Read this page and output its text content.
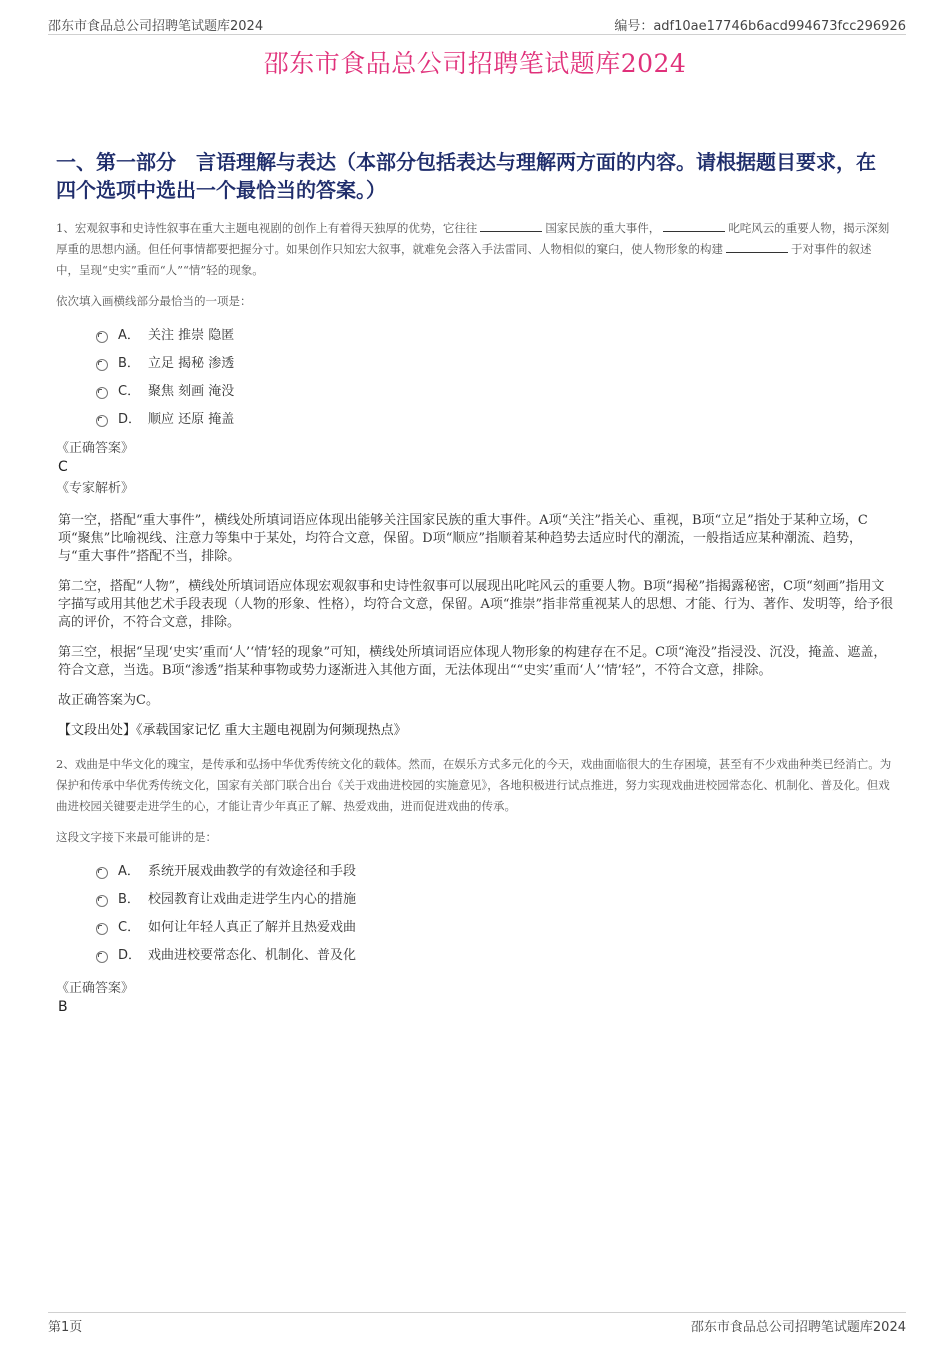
邵东市食品总公司招聘笔试题库2024	编号：adf10ae17746b6acd994673fcc296926
邵东市食品总公司招聘笔试题库2024
一、第一部分　言语理解与表达（本部分包括表达与理解两方面的内容。请根据题目要求，在四个选项中选出一个最恰当的答案。）

1、宏观叙事和史诗性叙事在重大主题电视剧的创作上有着得天独厚的优势，它往往	国家民族的重大事件，	叱咤风云的重要人物，揭示深刻厚重的思想内涵。但任何事情都要把握分寸。如果创作只知宏大叙事，就难免会落入手法雷同、人物相似的窠臼，使人物形象的构建	于对事件的叙述中，呈现“史实”重而“人”“情”轻的现象。

依次填入画横线部分最恰当的一项是：

A． 关注 推崇 隐匿
B． 立足 揭秘 渗透
C． 聚焦 刻画 淹没
D． 顺应 还原 掩盖

《正确答案》

C

《专家解析》

第一空，搭配“重大事件”，横线处所填词语应体现出能够关注国家民族的重大事件。A项“关注”指关心、重视，B项“立足”指处于某种立场，C项“聚焦”比喻视线、注意力等集中于某处，均符合文意，保留。D项“顺应”指顺着某种趋势去适应时代的潮流，一般指适应某种潮流、趋势，与“重大事件”搭配不当，排除。

第二空，搭配“人物”，横线处所填词语应体现宏观叙事和史诗性叙事可以展现出叱咤风云的重要人物。B项“揭秘”指揭露秘密，C项“刻画”指用文字描写或用其他艺术手段表现（人物的形象、性格），均符合文意，保留。A项“推崇”指非常重视某人的思想、才能、行为、著作、发明等，给予很高的评价，不符合文意，排除。

第三空，根据“呈现‘史实’重而‘人’‘情’轻的现象”可知，横线处所填词语应体现人物形象的构建存在不足。C项“淹没”指浸没、沉没，掩盖、遮盖，符合文意，当选。B项“渗透”指某种事物或势力逐渐进入其他方面，无法体现出““史实’重而‘人’‘情’轻”，不符合文意，排除。

故正确答案为C。

【文段出处】《承载国家记忆 重大主题电视剧为何频现热点》

2、戏曲是中华文化的瑰宝，是传承和弘扬中华优秀传统文化的载体。然而，在娱乐方式多元化的今天，戏曲面临很大的生存困境，甚至有不少戏曲种类已经消亡。为保护和传承中华优秀传统文化，国家有关部门联合出台《关于戏曲进校园的实施意见》，各地积极进行试点推进，努力实现戏曲进校园常态化、机制化、普及化。但戏曲进校园关键要走进学生的心，才能让青少年真正了解、热爱戏曲，进而促进戏曲的传承。

这段文字接下来最可能讲的是：

A． 系统开展戏曲教学的有效途径和手段
B． 校园教育让戏曲走进学生内心的措施
C． 如何让年轻人真正了解并且热爱戏曲
D． 戏曲进校要常态化、机制化、普及化

《正确答案》

B

第1页	邵东市食品总公司招聘笔试题库2024
